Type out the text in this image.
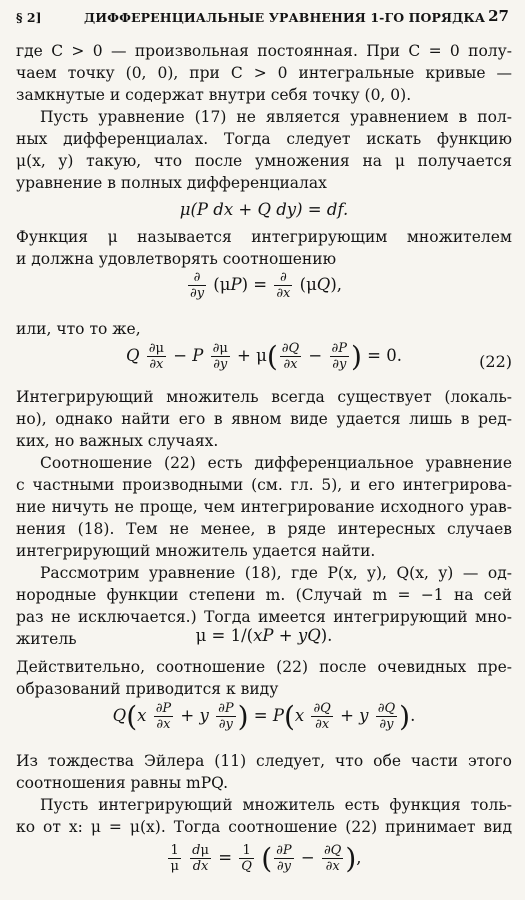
§ 2]	ДИФФЕРЕНЦИАЛЬНЫЕ УРАВНЕНИЯ 1-ГО ПОРЯДКА 27
где C > 0 — произвольная постоянная. При C = 0 полу-
чаем точку (0, 0), при C > 0 интегральные кривые —
замкнутые и содержат внутри себя точку (0, 0).
Пусть уравнение (17) не является уравнением в пол-
ных дифференциалах. Тогда следует искать функцию
μ(x, y) такую, что после умножения на μ получается
уравнение в полных дифференциалах
μ(P dx + Q dy) = df.
Функция μ называется интегрирующим множителем
и должна удовлетворять соотношению
$\frac{\partial}{\partial y} (\mu P) = \frac{\partial}{\partial x} (\mu Q)$,
или, что то же,
Q $\frac{\partial\mu}{\partial x} - P \frac{\partial\mu}{\partial y} + \mu( \frac{\partial Q}{\partial x} - \frac{\partial P}{\partial y}$ ) = 0.	(22)
Интегрирующий множитель всегда существует (локаль-
но), однако найти его в явном виде удается лишь в ред-
ких, но важных случаях.
Соотношение (22) есть дифференциальное уравнение
с частными производными (см. гл. 5), и его интегрирова-
ние ничуть не проще, чем интегрирование исходного урав-
нения (18). Тем не менее, в ряде интересных случаев
интегрирующий множитель удается найти.
Рассмотрим уравнение (18), где P(x, y), Q(x, y) — од-
нородные функции степени m. (Случай m = −1 на сей
раз не исключается.) Тогда имеется интегрирующий мно-
житель	μ = 1/(xP + yQ).
Действительно, соотношение (22) после очевидных пре-
образований приводится к виду
$Q(x \frac{\partial P}{\partial x} + y \frac{\partial P}{\partial y}$ ) = $P(x \frac{\partial Q}{\partial x} + y \frac{\partial Q}{\partial y}$ ).
Из тождества Эйлера (11) следует, что обе части этого
соотношения равны mPQ.
Пусть интегрирующий множитель есть функция толь-
ко от x: μ = μ(x). Тогда соотношение (22) принимает вид
$\frac{1}{\mu}$
$\frac{d\mu}{dx} = \frac{1}{Q}$ ( $\frac{\partial P}{\partial y} - \frac{\partial Q}{\partial x}$ ),
